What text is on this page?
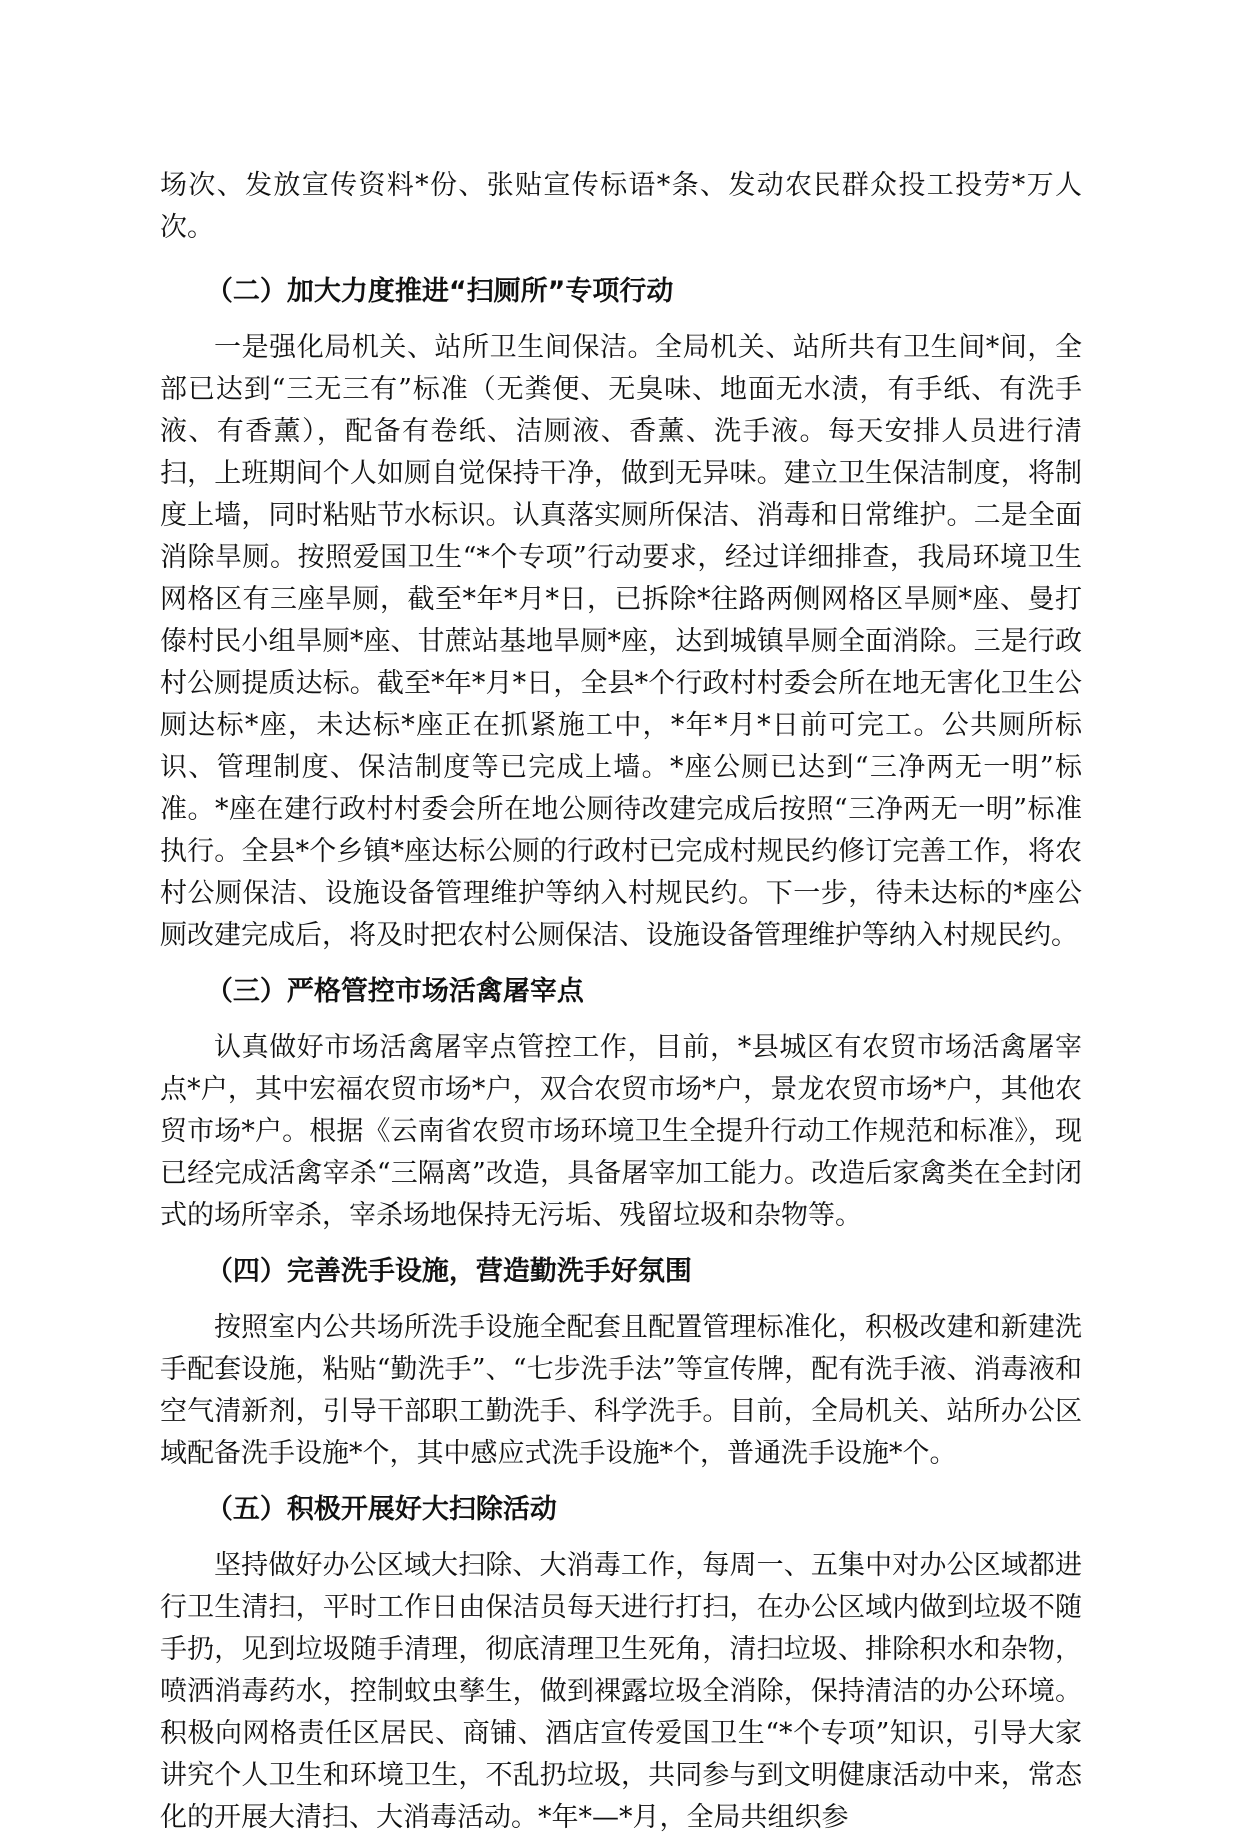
场次、发放宣传资料*份、张贴宣传标语*条、发动农民群众投工投劳*万人次。

（二）加大力度推进“扫厕所”专项行动

一是强化局机关、站所卫生间保洁。全局机关、站所共有卫生间*间，全部已达到“三无三有”标准（无粪便、无臭味、地面无水渍，有手纸、有洗手液、有香薰），配备有卷纸、洁厕液、香薰、洗手液。每天安排人员进行清扫，上班期间个人如厕自觉保持干净，做到无异味。建立卫生保洁制度，将制度上墙，同时粘贴节水标识。认真落实厕所保洁、消毒和日常维护。二是全面消除旱厕。按照爱国卫生“*个专项”行动要求，经过详细排查，我局环境卫生网格区有三座旱厕，截至*年*月*日，已拆除*往路两侧网格区旱厕*座、曼打傣村民小组旱厕*座、甘蔗站基地旱厕*座，达到城镇旱厕全面消除。三是行政村公厕提质达标。截至*年*月*日，全县*个行政村村委会所在地无害化卫生公厕达标*座，未达标*座正在抓紧施工中，*年*月*日前可完工。公共厕所标识、管理制度、保洁制度等已完成上墙。*座公厕已达到“三净两无一明”标准。*座在建行政村村委会所在地公厕待改建完成后按照“三净两无一明”标准执行。全县*个乡镇*座达标公厕的行政村已完成村规民约修订完善工作，将农村公厕保洁、设施设备管理维护等纳入村规民约。下一步，待未达标的*座公厕改建完成后，将及时把农村公厕保洁、设施设备管理维护等纳入村规民约。

（三）严格管控市场活禽屠宰点

认真做好市场活禽屠宰点管控工作，目前，*县城区有农贸市场活禽屠宰点*户，其中宏福农贸市场*户，双合农贸市场*户，景龙农贸市场*户，其他农贸市场*户。根据《云南省农贸市场环境卫生全提升行动工作规范和标准》，现已经完成活禽宰杀“三隔离”改造，具备屠宰加工能力。改造后家禽类在全封闭式的场所宰杀，宰杀场地保持无污垢、残留垃圾和杂物等。

（四）完善洗手设施，营造勤洗手好氛围

按照室内公共场所洗手设施全配套且配置管理标准化，积极改建和新建洗手配套设施，粘贴“勤洗手”、“七步洗手法”等宣传牌，配有洗手液、消毒液和空气清新剂，引导干部职工勤洗手、科学洗手。目前，全局机关、站所办公区域配备洗手设施*个，其中感应式洗手设施*个，普通洗手设施*个。

（五）积极开展好大扫除活动

坚持做好办公区域大扫除、大消毒工作，每周一、五集中对办公区域都进行卫生清扫，平时工作日由保洁员每天进行打扫，在办公区域内做到垃圾不随手扔，见到垃圾随手清理，彻底清理卫生死角，清扫垃圾、排除积水和杂物，喷洒消毒药水，控制蚊虫孳生，做到裸露垃圾全消除，保持清洁的办公环境。积极向网格责任区居民、商铺、酒店宣传爱国卫生“*个专项”知识，引导大家讲究个人卫生和环境卫生，不乱扔垃圾，共同参与到文明健康活动中来，常态化的开展大清扫、大消毒活动。*年*—*月，全局共组织参
